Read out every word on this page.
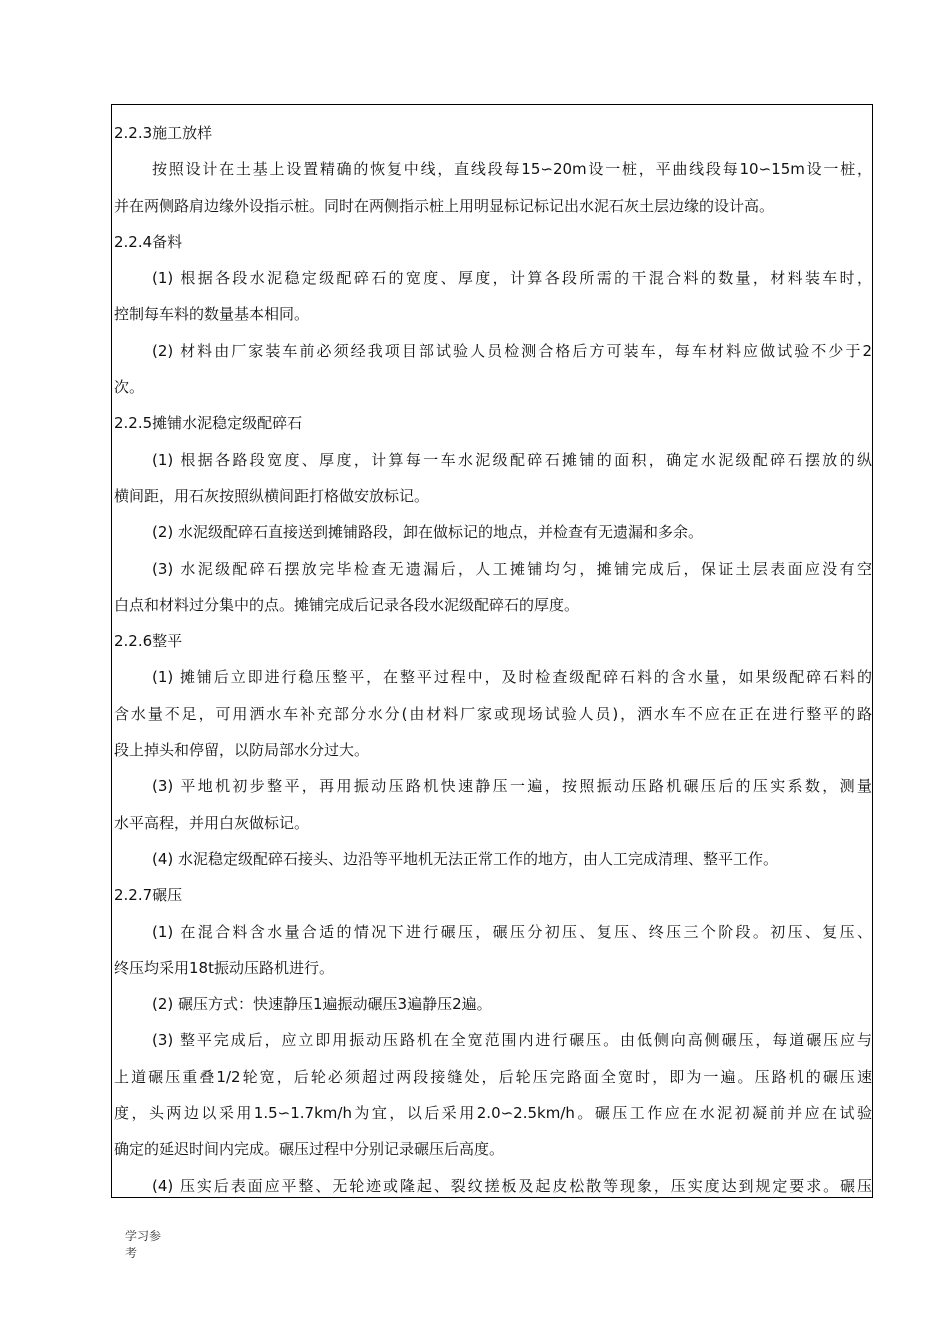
2.2.3施工放样
按照设计在土基上设置精确的恢复中线，直线段每15∽20m设一桩，平曲线段每10∽15m设一桩，
并在两侧路肩边缘外设指示桩。同时在两侧指示桩上用明显标记标记出水泥石灰土层边缘的设计高。
2.2.4备料
(1) 根据各段水泥稳定级配碎石的宽度、厚度，计算各段所需的干混合料的数量，材料装车时，
控制每车料的数量基本相同。
(2) 材料由厂家装车前必须经我项目部试验人员检测合格后方可装车，每车材料应做试验不少于2
次。
2.2.5摊铺水泥稳定级配碎石
(1) 根据各路段宽度、厚度，计算每一车水泥级配碎石摊铺的面积，确定水泥级配碎石摆放的纵
横间距，用石灰按照纵横间距打格做安放标记。
(2) 水泥级配碎石直接送到摊铺路段，卸在做标记的地点，并检查有无遗漏和多余。
(3) 水泥级配碎石摆放完毕检查无遗漏后，人工摊铺均匀，摊铺完成后，保证土层表面应没有空
白点和材料过分集中的点。摊铺完成后记录各段水泥级配碎石的厚度。
2.2.6整平
(1) 摊铺后立即进行稳压整平，在整平过程中，及时检查级配碎石料的含水量，如果级配碎石料的
含水量不足，可用洒水车补充部分水分(由材料厂家或现场试验人员)，洒水车不应在正在进行整平的路
段上掉头和停留，以防局部水分过大。
(3) 平地机初步整平，再用振动压路机快速静压一遍，按照振动压路机碾压后的压实系数，测量
水平高程，并用白灰做标记。
(4) 水泥稳定级配碎石接头、边沿等平地机无法正常工作的地方，由人工完成清理、整平工作。
2.2.7碾压
(1) 在混合料含水量合适的情况下进行碾压，碾压分初压、复压、终压三个阶段。初压、复压、
终压均采用18t振动压路机进行。
(2) 碾压方式：快速静压1遍振动碾压3遍静压2遍。
(3) 整平完成后，应立即用振动压路机在全宽范围内进行碾压。由低侧向高侧碾压，每道碾压应与
上道碾压重叠1/2轮宽，后轮必须超过两段接缝处，后轮压完路面全宽时，即为一遍。压路机的碾压速
度，头两边以采用1.5∽1.7km/h为宜，以后采用2.0∽2.5km/h。碾压工作应在水泥初凝前并应在试验
确定的延迟时间内完成。碾压过程中分别记录碾压后高度。
(4) 压实后表面应平整、无轮迹或隆起、裂纹搓板及起皮松散等现象，压实度达到规定要求。碾压
学习参
考
